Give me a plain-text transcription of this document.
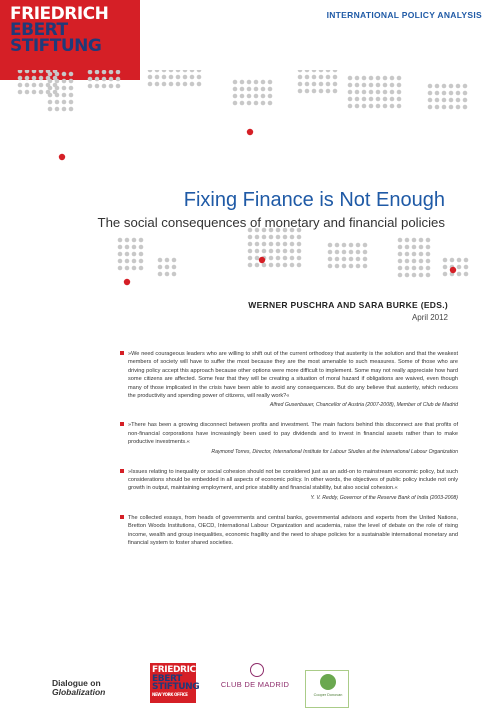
FRIEDRICH
EBERT
STIFTUNG
INTERNATIONAL POLICY ANALYSIS
Fixing Finance is Not Enough
The social consequences of monetary and financial policies
WERNER PUSCHRA AND SARA BURKE (EDS.)
April 2012
»We need courageous leaders who are willing to shift out of the current orthodoxy that austerity is the solution and that the weakest members of society will have to suffer the most because they are the most amenable to such measures. Some of those who are driving policy accept this approach because other options were more difficult to implement. Some may not really appreciate how hard some citizens are affected. Some fear that they will be creating a situation of moral hazard if obligations are waived, even though many of those implicated in the crisis have been able to avoid any consequences. But do any believe that austerity, which reduces the productivity and spending power of citizens, will really work?«
Alfred Gusenbauer, Chancellor of Austria (2007-2008), Member of Club de Madrid
»There has been a growing disconnect between profits and investment. The main factors behind this disconnect are that profits of non-financial corporations have increasingly been used to pay dividends and to invest in financial assets rather than to make productive investments.«
Raymond Torres, Director, International Institute for Labour Studies at the International Labour Organization
»Issues relating to inequality or social cohesion should not be considered just as an add-on to mainstream economic policy, but such considerations should be embedded in all aspects of economic policy. In other words, the objectives of public policy include not only growth in output, maintaining employment, and price stability and financial stability, but also social cohesion.«
Y. V. Reddy, Governor of the Reserve Bank of India (2003-2008)
The collected essays, from heads of governments and central banks, governmental advisors and experts from the United Nations, Bretton Woods Institutions, OECD, International Labour Organization and academia, raise the level of debate on the role of rising income, wealth and group inequalities, economic fragility and the need to shape policies for a sustainable international monetary and financial system to foster shared societies.
Dialogue on
Globalization
FRIEDRICH
EBERT
STIFTUNG
NEW YORK OFFICE
CLUB DE MADRID
Cooper Donovan
